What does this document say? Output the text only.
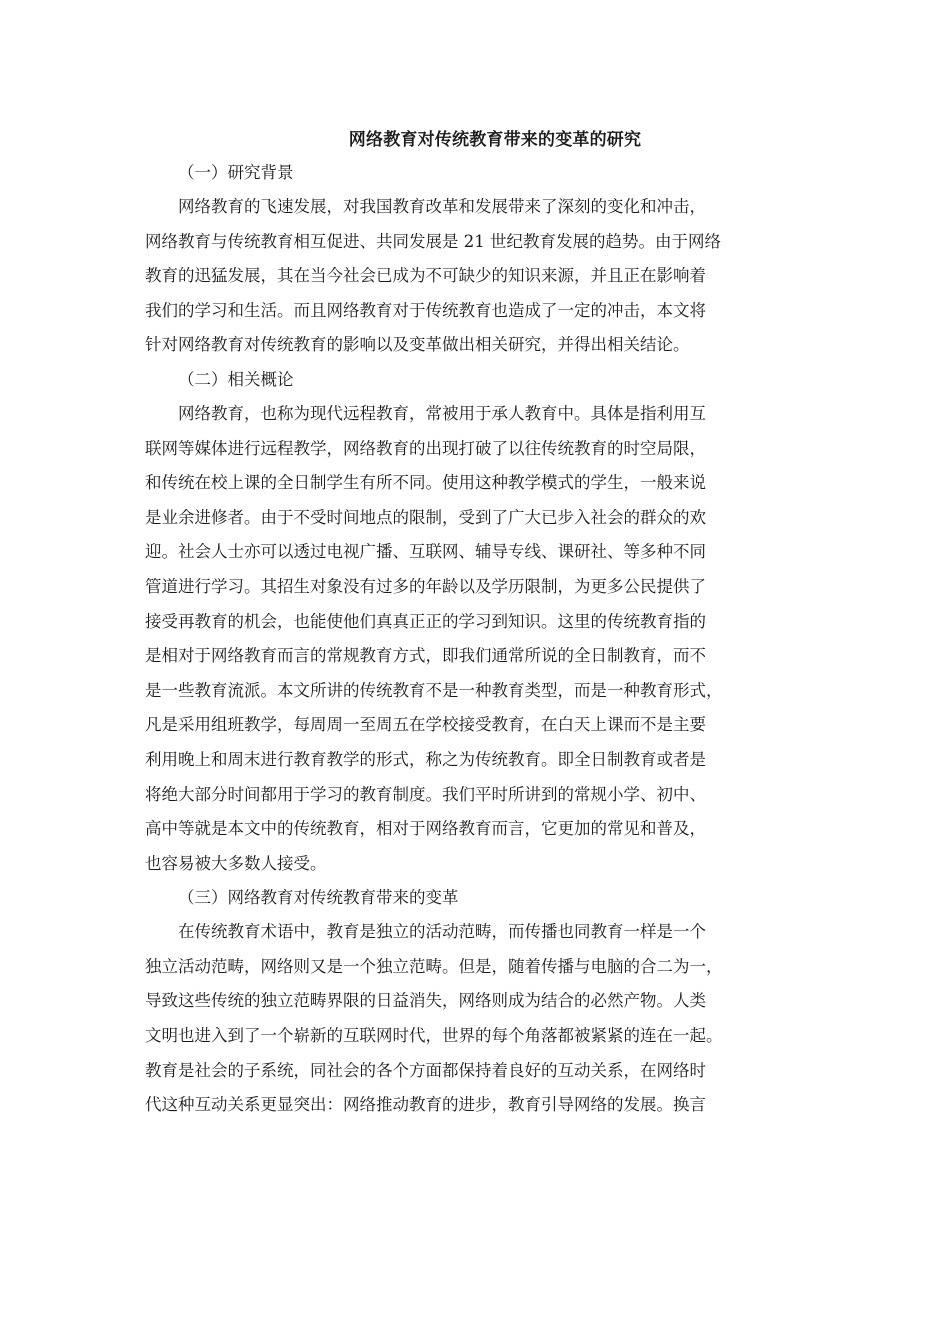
网络教育对传统教育带来的变革的研究
（一）研究背景
网络教育的飞速发展，对我国教育改革和发展带来了深刻的变化和冲击，
网络教育与传统教育相互促进、共同发展是 21 世纪教育发展的趋势。由于网络
教育的迅猛发展，其在当今社会已成为不可缺少的知识来源，并且正在影响着
我们的学习和生活。而且网络教育对于传统教育也造成了一定的冲击，本文将
针对网络教育对传统教育的影响以及变革做出相关研究，并得出相关结论。
（二）相关概论
网络教育，也称为现代远程教育，常被用于承人教育中。具体是指利用互
联网等媒体进行远程教学，网络教育的出现打破了以往传统教育的时空局限，
和传统在校上课的全日制学生有所不同。使用这种教学模式的学生，一般来说
是业余进修者。由于不受时间地点的限制，受到了广大已步入社会的群众的欢
迎。社会人士亦可以透过电视广播、互联网、辅导专线、课研社、等多种不同
管道进行学习。其招生对象没有过多的年龄以及学历限制，为更多公民提供了
接受再教育的机会，也能使他们真真正正的学习到知识。这里的传统教育指的
是相对于网络教育而言的常规教育方式，即我们通常所说的全日制教育，而不
是一些教育流派。本文所讲的传统教育不是一种教育类型，而是一种教育形式，
凡是采用组班教学，每周周一至周五在学校接受教育，在白天上课而不是主要
利用晚上和周末进行教育教学的形式，称之为传统教育。即全日制教育或者是
将绝大部分时间都用于学习的教育制度。我们平时所讲到的常规小学、初中、
高中等就是本文中的传统教育，相对于网络教育而言，它更加的常见和普及，
也容易被大多数人接受。
（三）网络教育对传统教育带来的变革
在传统教育术语中，教育是独立的活动范畴，而传播也同教育一样是一个
独立活动范畴，网络则又是一个独立范畴。但是，随着传播与电脑的合二为一，
导致这些传统的独立范畴界限的日益消失，网络则成为结合的必然产物。人类
文明也进入到了一个崭新的互联网时代，世界的每个角落都被紧紧的连在一起。
教育是社会的子系统，同社会的各个方面都保持着良好的互动关系，在网络时
代这种互动关系更显突出：网络推动教育的进步，教育引导网络的发展。换言
